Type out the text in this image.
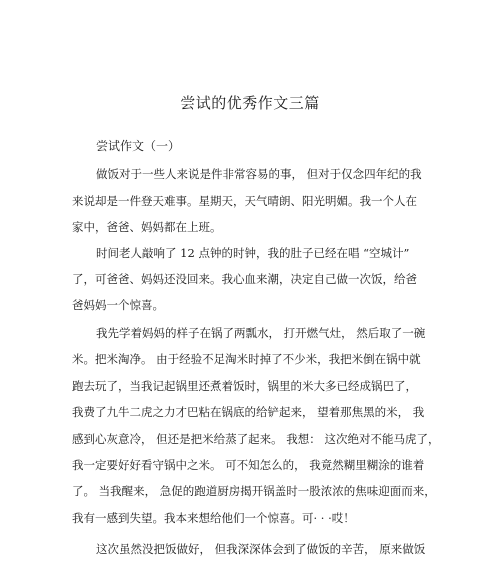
尝试的优秀作文三篇
尝试作文（一）
做饭对于一些人来说是件非常容易的事， 但对于仅念四年纪的我
来说却是一件登天难事。星期天，天气晴朗、阳光明媚。我一个人在
家中，爸爸、妈妈都在上班。
时间老人敲响了 12 点钟的时钟，我的肚子已经在唱 “空城计”
了，可爸爸、妈妈还没回来。我心血来潮，决定自己做一次饭，给爸
爸妈妈一个惊喜。
我先学着妈妈的样子在锅了两瓢水， 打开燃气灶， 然后取了一碗
米。把米淘净。 由于经验不足淘米时掉了不少米，我把米倒在锅中就
跑去玩了，当我记起锅里还煮着饭时，锅里的米大多已经成锅巴了，
我费了九牛二虎之力才巴粘在锅底的给铲起来， 望着那焦黑的米， 我
感到心灰意冷， 但还是把米给蒸了起来。 我想： 这次绝对不能马虎了，
我一定要好好看守锅中之米。 可不知怎么的， 我竟然糊里糊涂的谁着
了。 当我醒来， 急促的跑道厨房揭开锅盖时一股浓浓的焦味迎面而来，
我有一感到失望。我本来想给他们一个惊喜。可· · ·哎！
这次虽然没把饭做好， 但我深深体会到了做饭的辛苦， 原来做饭
